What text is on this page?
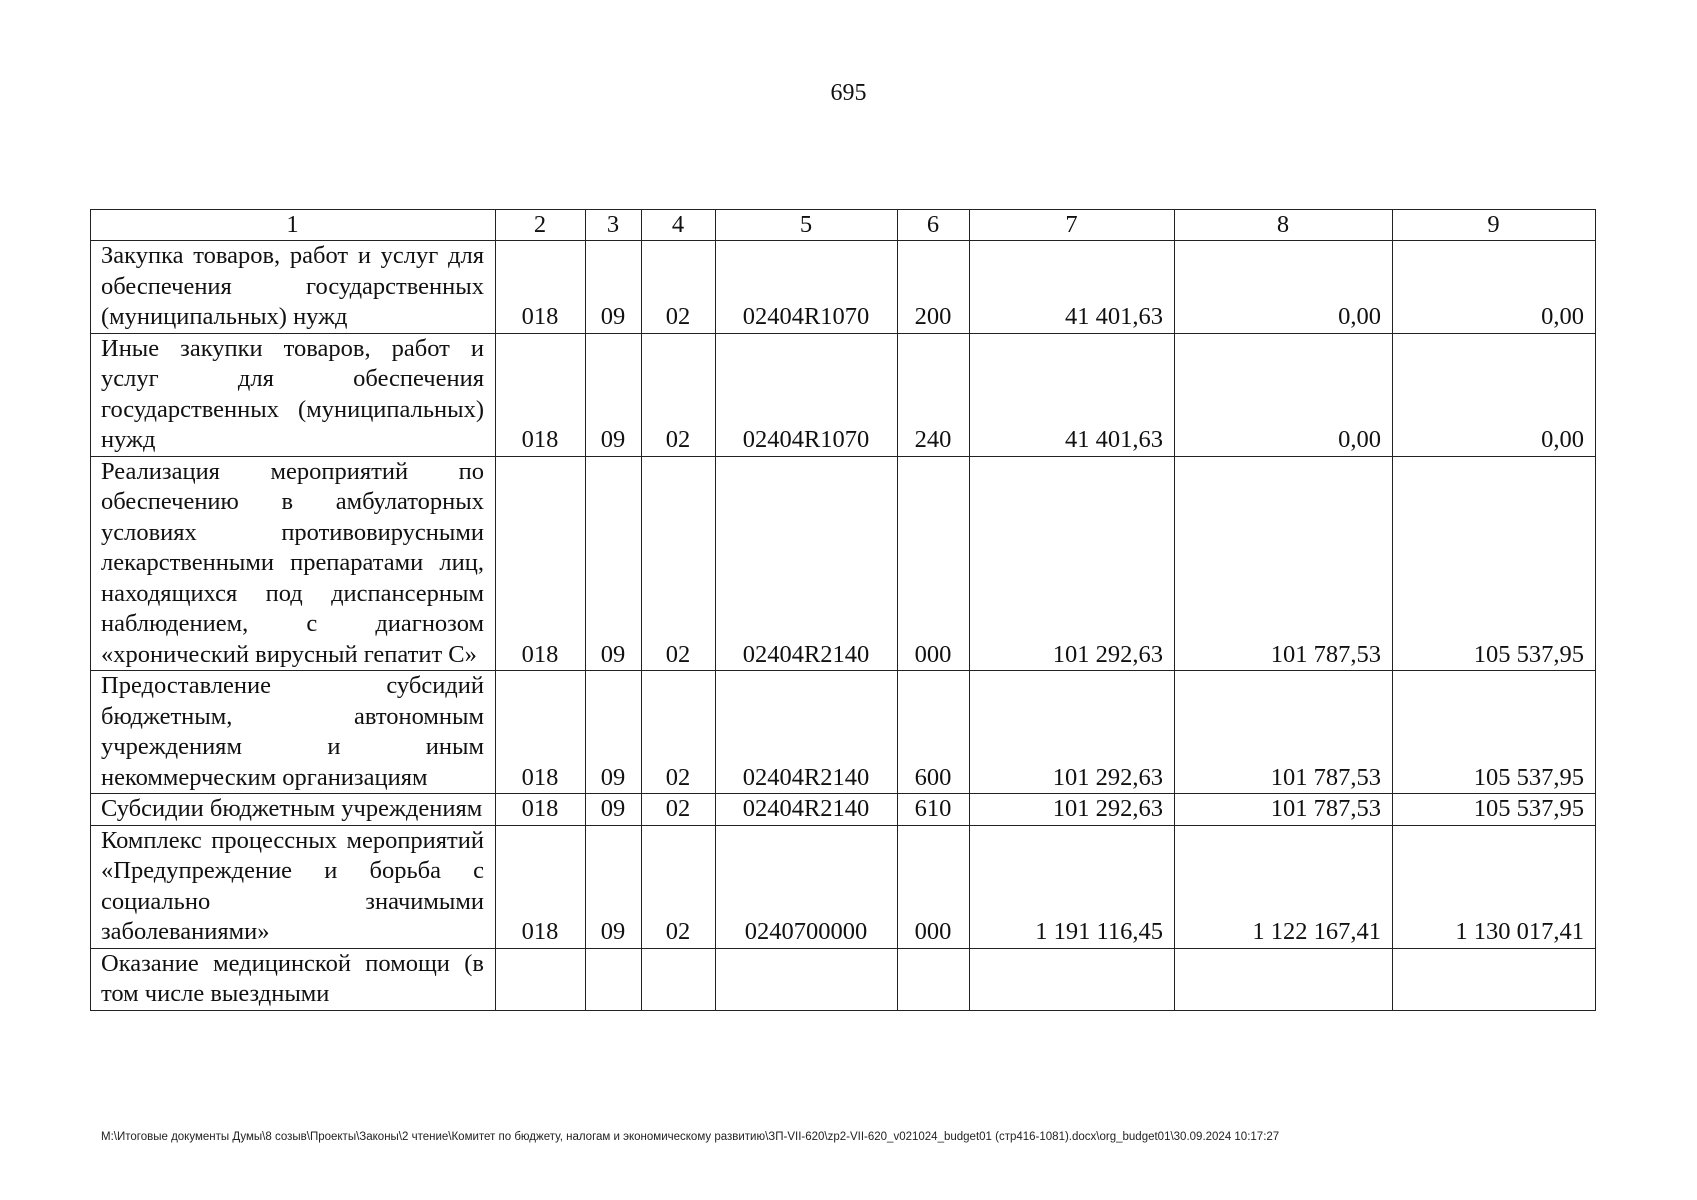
695
1	2	3	4	5	6	7	8	9
Закупка товаров, работ и услуг для обеспечения государственных (муниципальных) нужд	018	09	02	02404R1070	200	41 401,63	0,00	0,00
Иные закупки товаров, работ и услуг для обеспечения государственных (муниципальных) нужд	018	09	02	02404R1070	240	41 401,63	0,00	0,00
Реализация мероприятий по обеспечению в амбулаторных условиях противовирусными лекарственными препаратами лиц, находящихся под диспансерным наблюдением, с диагнозом «хронический вирусный гепатит С»	018	09	02	02404R2140	000	101 292,63	101 787,53	105 537,95
Предоставление субсидий бюджетным, автономным учреждениям и иным некоммерческим организациям	018	09	02	02404R2140	600	101 292,63	101 787,53	105 537,95
Субсидии бюджетным учреждениям	018	09	02	02404R2140	610	101 292,63	101 787,53	105 537,95
Комплекс процессных мероприятий «Предупреждение и борьба с социально значимыми заболеваниями»	018	09	02	0240700000	000	1 191 116,45	1 122 167,41	1 130 017,41
Оказание медицинской помощи (в том числе выездными								
M:\Итоговые документы Думы\8 созыв\Проекты\Законы\2 чтение\Комитет по бюджету, налогам и экономическому развитию\ЗП-VII-620\zp2-VII-620_v021024_budget01 (стр416-1081).docx\org_budget01\30.09.2024 10:17:27
